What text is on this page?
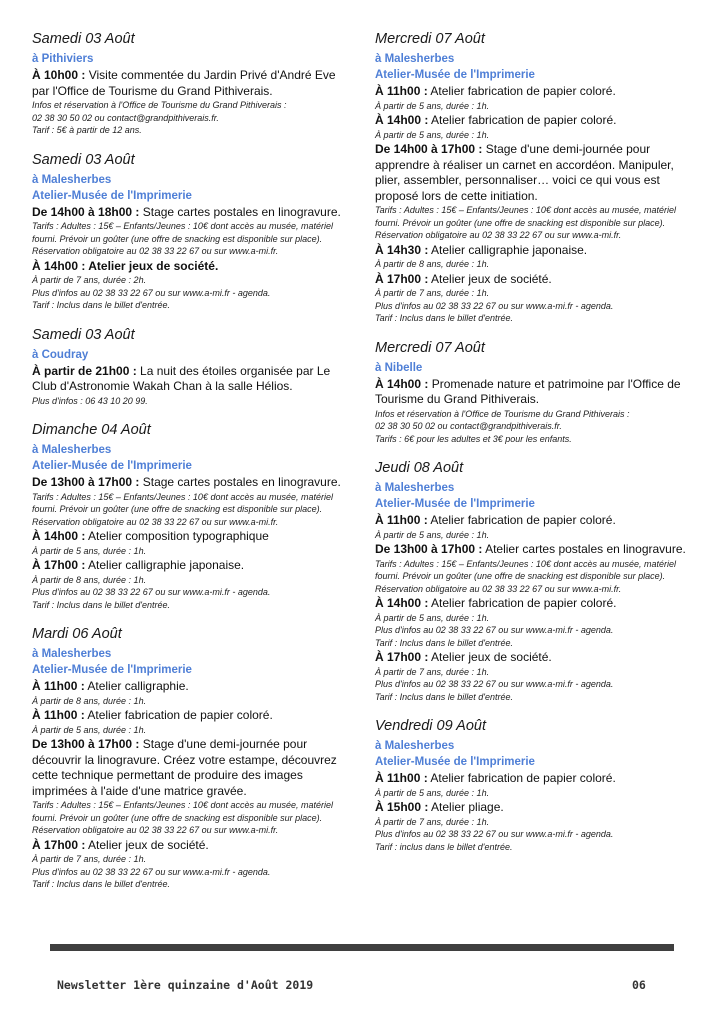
Samedi 03 Août
à Pithiviers
À 10h00 : Visite commentée du Jardin Privé d'André Eve par l'Office de Tourisme du Grand Pithiverais.
Infos et réservation à l'Office de Tourisme du Grand Pithiverais :
02 38 30 50 02 ou contact@grandpithiverais.fr.
Tarif : 5€ à partir de 12 ans.
Samedi 03 Août
à Malesherbes
Atelier-Musée de l'Imprimerie
De 14h00 à 18h00 : Stage cartes postales en linogravure.
Tarifs : Adultes : 15€ – Enfants/Jeunes : 10€ dont accès au musée, matériel fourni. Prévoir un goûter (une offre de snacking est disponible sur place).
Réservation obligatoire au 02 38 33 22 67 ou sur www.a-mi.fr.
À 14h00 : Atelier jeux de société.
À partir de 7 ans, durée : 2h.
Plus d'infos au 02 38 33 22 67 ou sur www.a-mi.fr - agenda.
Tarif : Inclus dans le billet d'entrée.
Samedi 03 Août
à Coudray
À partir de 21h00 : La nuit des étoiles organisée par Le Club d'Astronomie Wakah Chan à la salle Hélios.
Plus d'infos : 06 43 10 20 99.
Dimanche 04 Août
à Malesherbes
Atelier-Musée de l'Imprimerie
De 13h00 à 17h00 : Stage cartes postales en linogravure.
Tarifs : Adultes : 15€ – Enfants/Jeunes : 10€ dont accès au musée, matériel fourni. Prévoir un goûter (une offre de snacking est disponible sur place).
Réservation obligatoire au 02 38 33 22 67 ou sur www.a-mi.fr.
À 14h00 : Atelier composition typographique
À partir de 5 ans, durée : 1h.
À 17h00 : Atelier calligraphie japonaise.
À partir de 8 ans, durée : 1h.
Plus d'infos au 02 38 33 22 67 ou sur www.a-mi.fr - agenda.
Tarif : Inclus dans le billet d'entrée.
Mardi 06 Août
à Malesherbes
Atelier-Musée de l'Imprimerie
À 11h00 : Atelier calligraphie.
À partir de 8 ans, durée : 1h.
À 11h00 : Atelier fabrication de papier coloré.
À partir de 5 ans, durée : 1h.
De 13h00 à 17h00 : Stage d'une demi-journée pour découvrir la linogravure. Créez votre estampe, découvrez cette technique permettant de produire des images imprimées à l'aide d'une matrice gravée.
Tarifs : Adultes : 15€ – Enfants/Jeunes : 10€ dont accès au musée, matériel fourni. Prévoir un goûter (une offre de snacking est disponible sur place).
Réservation obligatoire au 02 38 33 22 67 ou sur www.a-mi.fr.
À 17h00 : Atelier jeux de société.
À partir de 7 ans, durée : 1h.
Plus d'infos au 02 38 33 22 67 ou sur www.a-mi.fr - agenda.
Tarif : Inclus dans le billet d'entrée.
Mercredi 07 Août
à Malesherbes
Atelier-Musée de l'Imprimerie
À 11h00 : Atelier fabrication de papier coloré.
À partir de 5 ans, durée : 1h.
À 14h00 : Atelier fabrication de papier coloré.
À partir de 5 ans, durée : 1h.
De 14h00 à 17h00 : Stage d'une demi-journée pour apprendre à réaliser un carnet en accordéon. Manipuler, plier, assembler, personnaliser… voici ce qui vous est proposé lors de cette initiation.
Tarifs : Adultes : 15€ – Enfants/Jeunes : 10€ dont accès au musée, matériel fourni. Prévoir un goûter (une offre de snacking est disponible sur place).
Réservation obligatoire au 02 38 33 22 67 ou sur www.a-mi.fr.
À 14h30 : Atelier calligraphie japonaise.
À partir de 8 ans, durée : 1h.
À 17h00 : Atelier jeux de société.
À partir de 7 ans, durée : 1h.
Plus d'infos au 02 38 33 22 67 ou sur www.a-mi.fr - agenda.
Tarif : Inclus dans le billet d'entrée.
Mercredi 07 Août
à Nibelle
À 14h00 : Promenade nature et patrimoine par l'Office de Tourisme du Grand Pithiverais.
Infos et réservation à l'Office de Tourisme du Grand Pithiverais :
02 38 30 50 02 ou contact@grandpithiverais.fr.
Tarifs : 6€ pour les adultes et 3€ pour les enfants.
Jeudi 08 Août
à Malesherbes
Atelier-Musée de l'Imprimerie
À 11h00 : Atelier fabrication de papier coloré.
À partir de 5 ans, durée : 1h.
De 13h00 à 17h00 : Atelier cartes postales en linogravure.
Tarifs : Adultes : 15€ – Enfants/Jeunes : 10€ dont accès au musée, matériel fourni. Prévoir un goûter (une offre de snacking est disponible sur place).
Réservation obligatoire au 02 38 33 22 67 ou sur www.a-mi.fr.
À 14h00 : Atelier fabrication de papier coloré.
À partir de 5 ans, durée : 1h.
Plus d'infos au 02 38 33 22 67 ou sur www.a-mi.fr - agenda.
Tarif : Inclus dans le billet d'entrée.
À 17h00 : Atelier jeux de société.
À partir de 7 ans, durée : 1h.
Plus d'infos au 02 38 33 22 67 ou sur www.a-mi.fr - agenda.
Tarif : Inclus dans le billet d'entrée.
Vendredi 09 Août
à Malesherbes
Atelier-Musée de l'Imprimerie
À 11h00 : Atelier fabrication de papier coloré.
À partir de 5 ans, durée : 1h.
À 15h00 : Atelier pliage.
À partir de 7 ans, durée : 1h.
Plus d'infos au 02 38 33 22 67 ou sur www.a-mi.fr - agenda.
Tarif : inclus dans le billet d'entrée.
Newsletter 1ère quinzaine d'Août 2019	06
